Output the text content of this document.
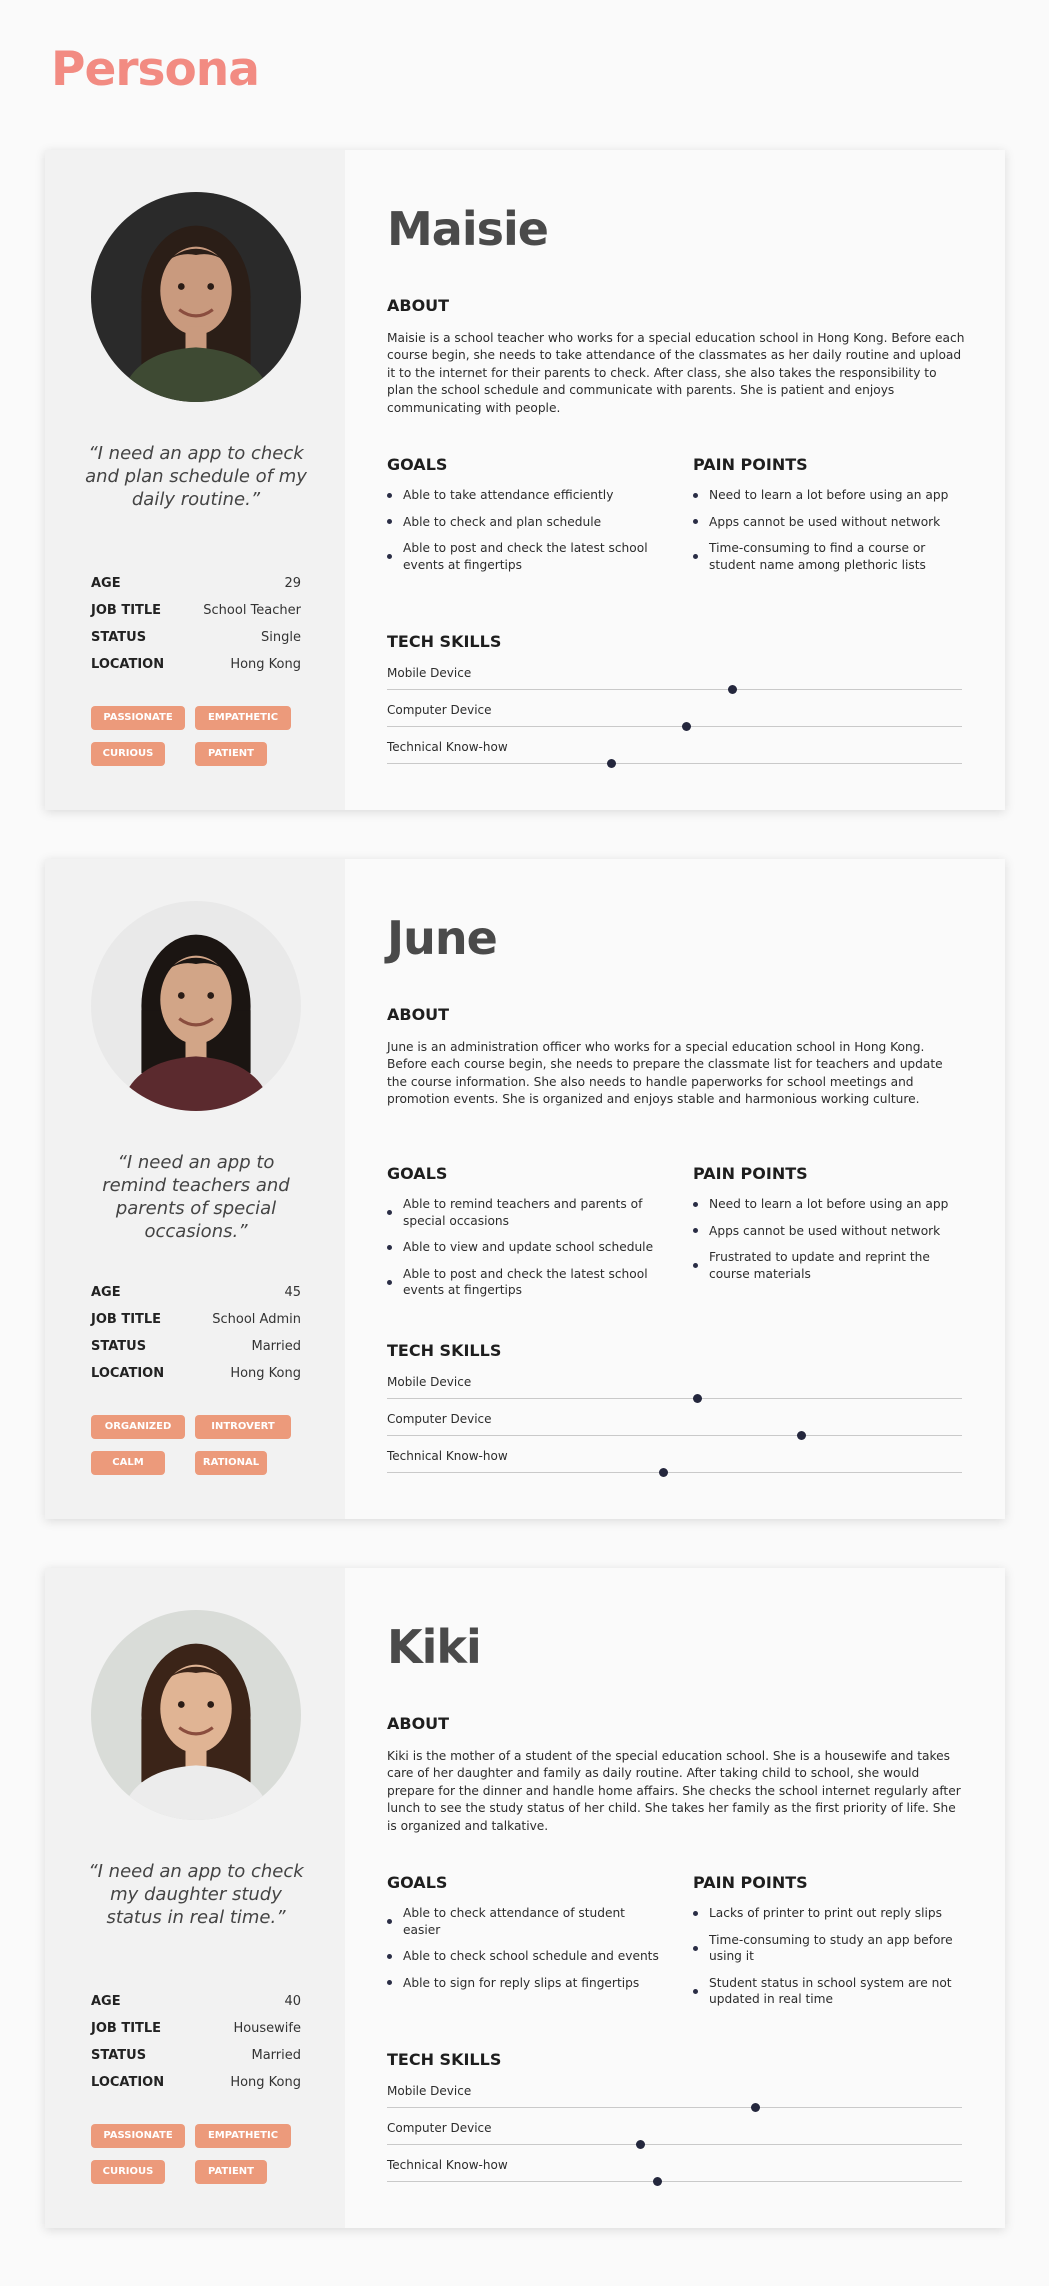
Persona
“I need an app to check and plan schedule of my daily routine.”
AGE	29
JOB TITLE	School Teacher
STATUS	Single
LOCATION	Hong Kong
PASSIONATE	EMPATHETIC
CURIOUS	PATIENT
Maisie
ABOUT
Maisie is a school teacher who works for a special education school in Hong Kong. Before each course begin, she needs to take attendance of the classmates as her daily routine and upload it to the internet for their parents to check. After class, she also takes the responsibility to plan the school schedule and communicate with parents. She is patient and enjoys communicating with people.
GOALS
Able to take attendance efficiently
Able to check and plan schedule
Able to post and check the latest school events at fingertips
PAIN POINTS
Need to learn a lot before using an app
Apps cannot be used without network
Time-consuming to find a course or student name among plethoric lists
TECH SKILLS
Mobile Device
Computer Device
Technical Know-how
“I need an app to remind teachers and parents of special occasions.”
AGE	45
JOB TITLE	School Admin
STATUS	Married
LOCATION	Hong Kong
ORGANIZED	INTROVERT
CALM	RATIONAL
June
ABOUT
June is an administration officer who works for a special education school in Hong Kong. Before each course begin, she needs to prepare the classmate list for teachers and update the course information. She also needs to handle paperworks for school meetings and promotion events. She is organized and enjoys stable and harmonious working culture.
GOALS
Able to remind teachers and parents of special occasions
Able to view and update school schedule
Able to post and check the latest school events at fingertips
PAIN POINTS
Need to learn a lot before using an app
Apps cannot be used without network
Frustrated to update and reprint the course materials
TECH SKILLS
Mobile Device
Computer Device
Technical Know-how
“I need an app to check my daughter study status in real time.”
AGE	40
JOB TITLE	Housewife
STATUS	Married
LOCATION	Hong Kong
PASSIONATE	EMPATHETIC
CURIOUS	PATIENT
Kiki
ABOUT
Kiki is the mother of a student of the special education school. She is a housewife and takes care of her daughter and family as daily routine. After taking child to school, she would prepare for the dinner and handle home affairs. She checks the school internet regularly after lunch to see the study status of her child. She takes her family as the first priority of life. She is organized and talkative.
GOALS
Able to check attendance of student easier
Able to check school schedule and events
Able to sign for reply slips at fingertips
PAIN POINTS
Lacks of printer to print out reply slips
Time-consuming to study an app before using it
Student status in school system are not updated in real time
TECH SKILLS
Mobile Device
Computer Device
Technical Know-how
